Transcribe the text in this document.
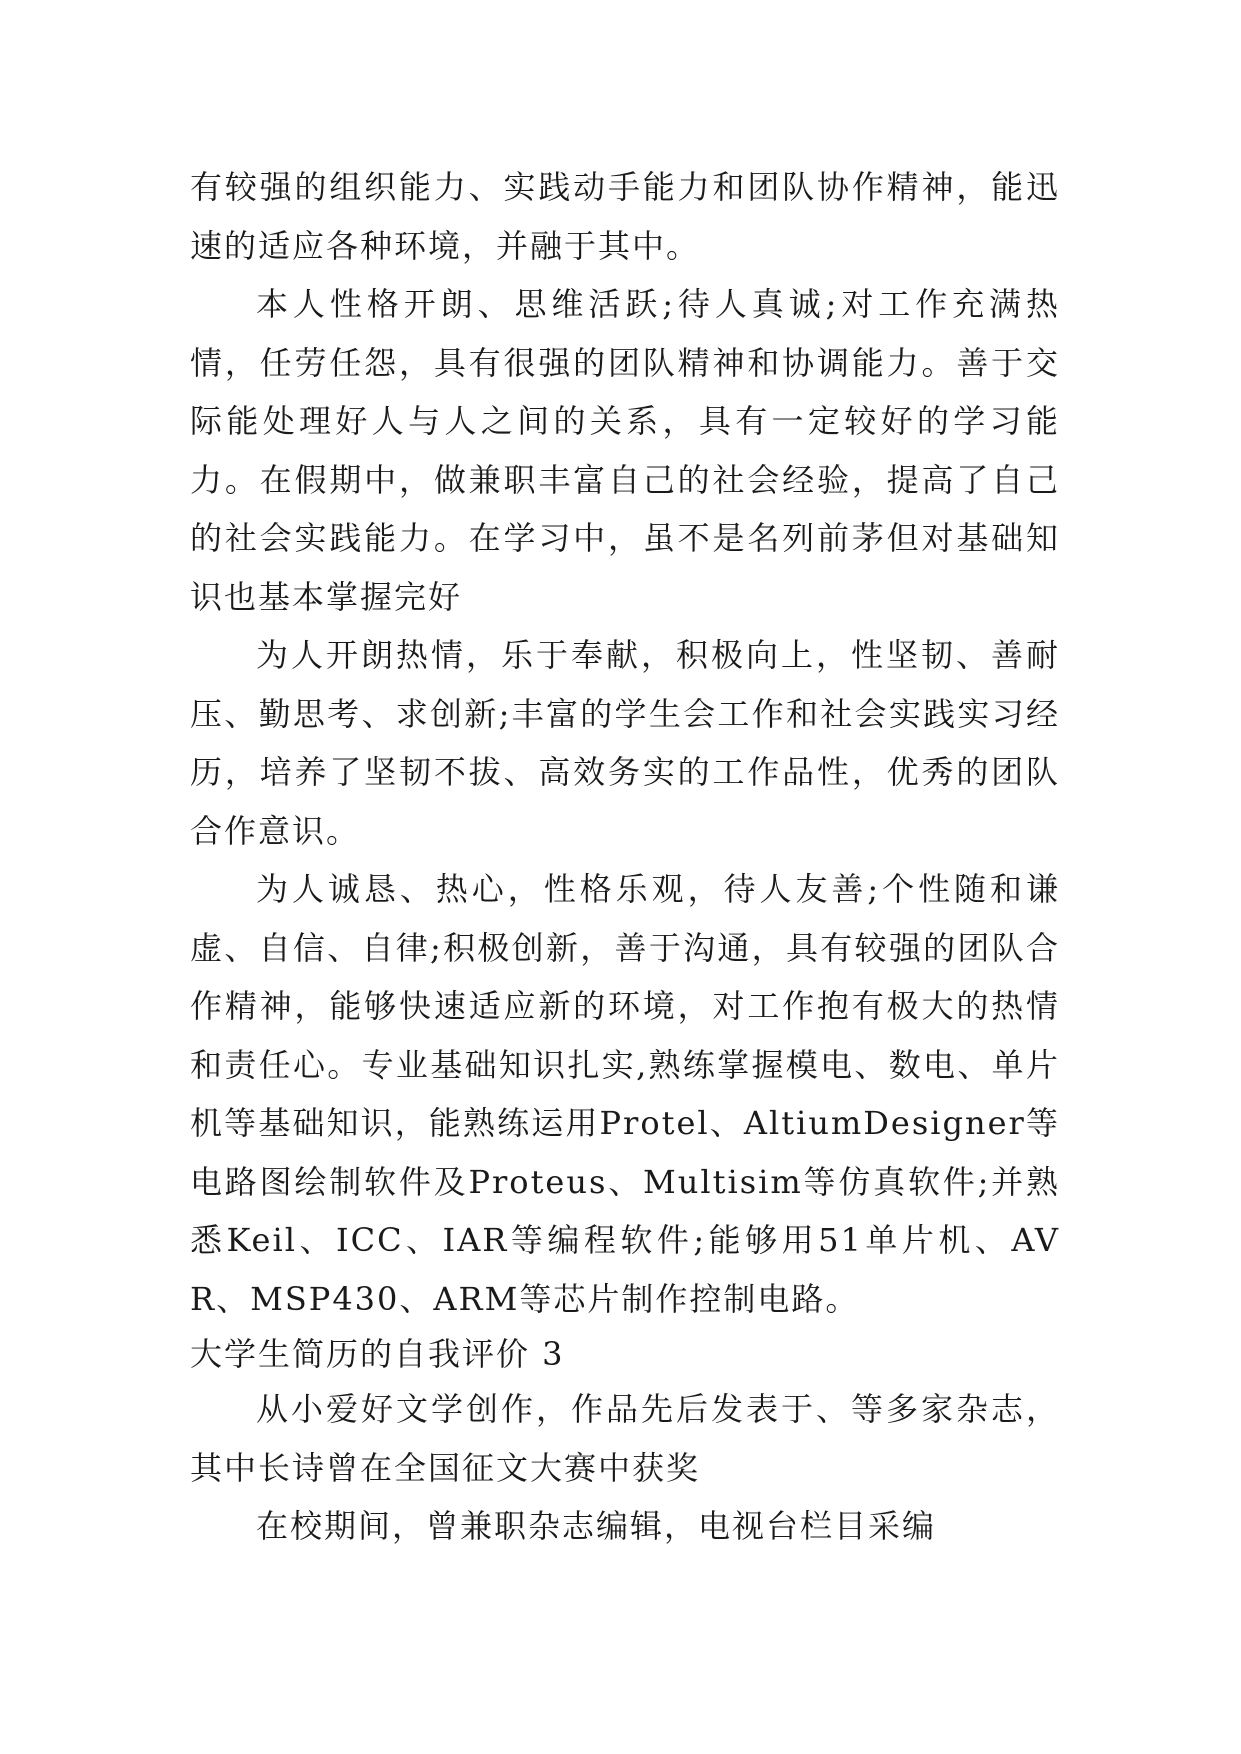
有较强的组织能力、实践动手能力和团队协作精神，能迅速的适应各种环境，并融于其中。

本人性格开朗、思维活跃;待人真诚;对工作充满热情，任劳任怨，具有很强的团队精神和协调能力。善于交际能处理好人与人之间的关系，具有一定较好的学习能力。在假期中，做兼职丰富自己的社会经验，提高了自己的社会实践能力。在学习中，虽不是名列前茅但对基础知识也基本掌握完好

为人开朗热情，乐于奉献，积极向上，性坚韧、善耐压、勤思考、求创新;丰富的学生会工作和社会实践实习经历，培养了坚韧不拔、高效务实的工作品性，优秀的团队合作意识。

为人诚恳、热心，性格乐观，待人友善;个性随和谦虚、自信、自律;积极创新，善于沟通，具有较强的团队合作精神，能够快速适应新的环境，对工作抱有极大的热情和责任心。专业基础知识扎实,熟练掌握模电、数电、单片机等基础知识，能熟练运用Protel、AltiumDesigner等电路图绘制软件及Proteus、Multisim等仿真软件;并熟悉Keil、ICC、IAR等编程软件;能够用51单片机、AVR、MSP430、ARM等芯片制作控制电路。

大学生简历的自我评价 3

从小爱好文学创作，作品先后发表于、等多家杂志，其中长诗曾在全国征文大赛中获奖

在校期间，曾兼职杂志编辑，电视台栏目采编
